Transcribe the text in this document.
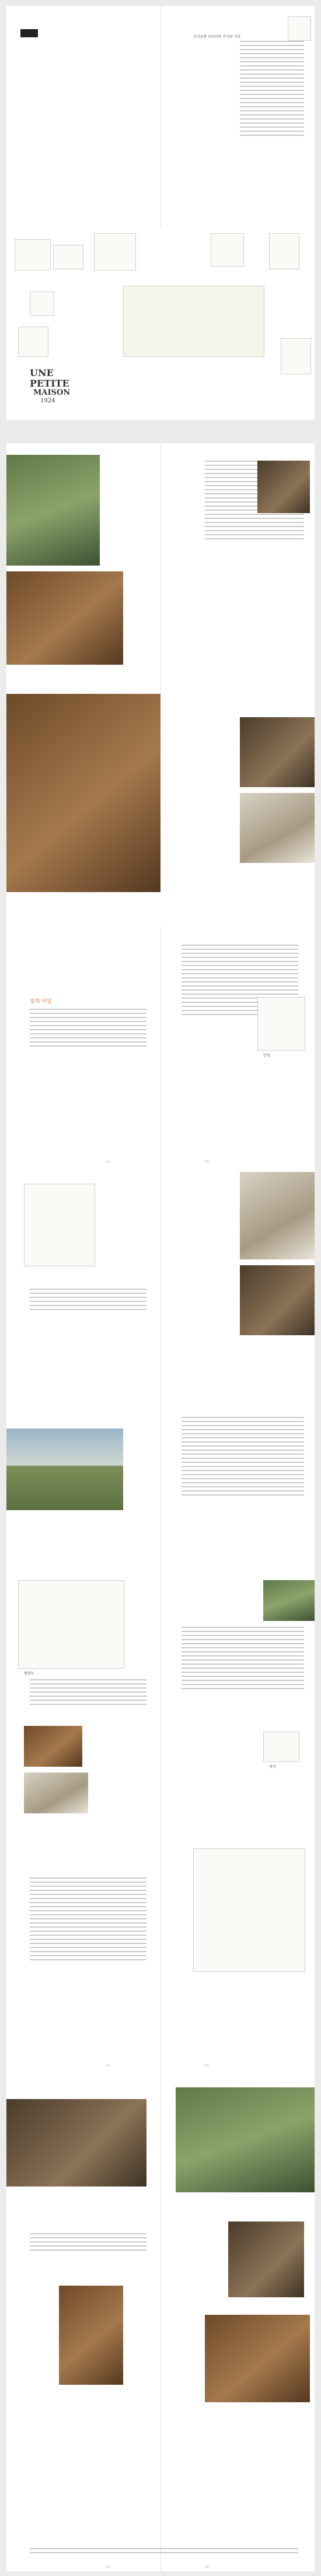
지식공방 무라이의 기가의 기지
UNE
PETITE
MAISON
1924
집의 비밀
안경
054	055
평면도
의자
056	057
058	059
